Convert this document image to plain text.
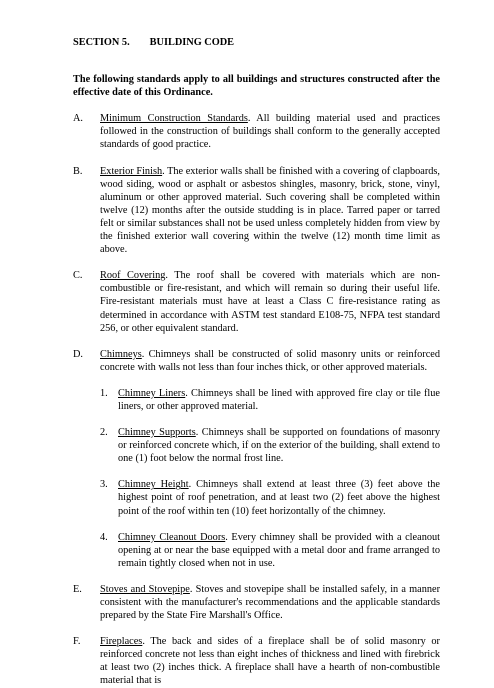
SECTION 5. BUILDING CODE
The following standards apply to all buildings and structures constructed after the effective date of this Ordinance.
A.	Minimum Construction Standards. All building material used and practices followed in the construction of buildings shall conform to the generally accepted standards of good practice.
B.	Exterior Finish. The exterior walls shall be finished with a covering of clapboards, wood siding, wood or asphalt or asbestos shingles, masonry, brick, stone, vinyl, aluminum or other approved material. Such covering shall be completed within twelve (12) months after the outside studding is in place. Tarred paper or tarred felt or similar substances shall not be used unless completely hidden from view by the finished exterior wall covering within the twelve (12) month time limit as above.
C.	Roof Covering. The roof shall be covered with materials which are non-combustible or fire-resistant, and which will remain so during their useful life. Fire-resistant materials must have at least a Class C fire-resistance rating as determined in accordance with ASTM test standard E108-75, NFPA test standard 256, or other equivalent standard.
D.	Chimneys. Chimneys shall be constructed of solid masonry units or reinforced concrete with walls not less than four inches thick, or other approved materials.
1. Chimney Liners. Chimneys shall be lined with approved fire clay or tile flue liners, or other approved material.
2. Chimney Supports. Chimneys shall be supported on foundations of masonry or reinforced concrete which, if on the exterior of the building, shall extend to one (1) foot below the normal frost line.
3. Chimney Height. Chimneys shall extend at least three (3) feet above the highest point of roof penetration, and at least two (2) feet above the highest point of the roof within ten (10) feet horizontally of the chimney.
4. Chimney Cleanout Doors. Every chimney shall be provided with a cleanout opening at or near the base equipped with a metal door and frame arranged to remain tightly closed when not in use.
E.	Stoves and Stovepipe. Stoves and stovepipe shall be installed safely, in a manner consistent with the manufacturer's recommendations and the applicable standards prepared by the State Fire Marshall's Office.
F.	Fireplaces. The back and sides of a fireplace shall be of solid masonry or reinforced concrete not less than eight inches of thickness and lined with firebrick at least two (2) inches thick. A fireplace shall have a hearth of non-combustible material that is
